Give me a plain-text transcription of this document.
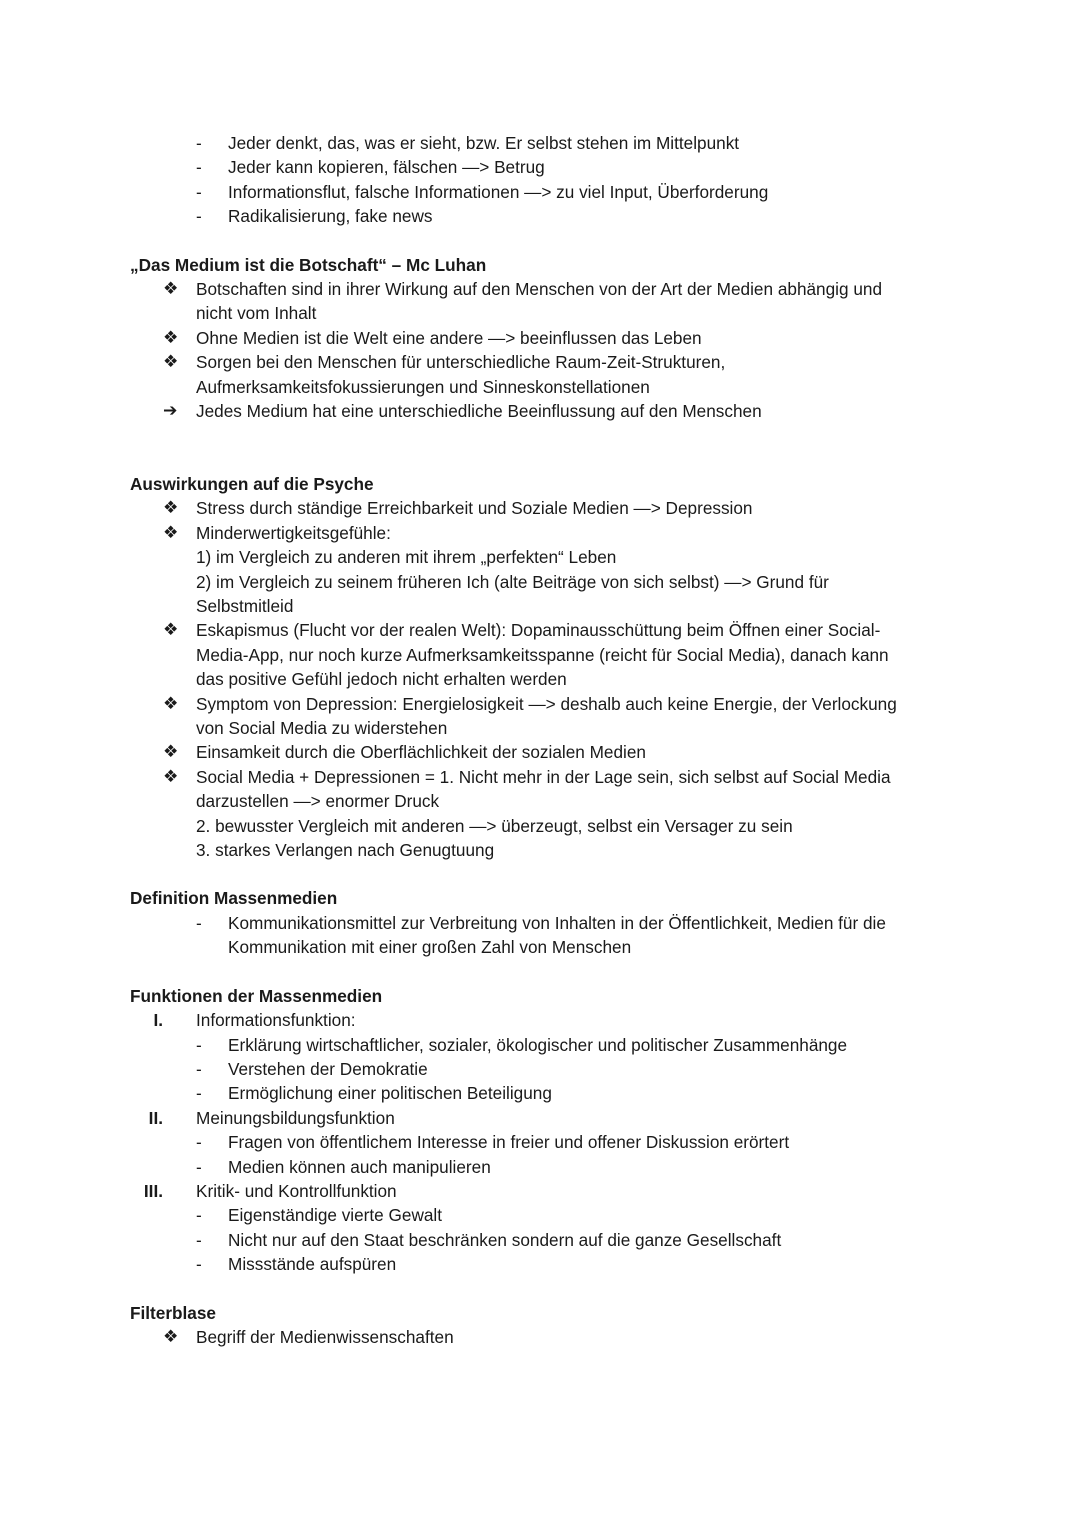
- Jeder denkt, das, was er sieht, bzw. Er selbst stehen im Mittelpunkt
- Jeder kann kopieren, fälschen —> Betrug
- Informationsflut, falsche Informationen —> zu viel Input, Überforderung
- Radikalisierung, fake news
„Das Medium ist die Botschaft“ – Mc Luhan
❖ Botschaften sind in ihrer Wirkung auf den Menschen von der Art der Medien abhängig und
nicht vom Inhalt
❖ Ohne Medien ist die Welt eine andere —> beeinflussen das Leben
❖ Sorgen bei den Menschen für unterschiedliche Raum-Zeit-Strukturen,
Aufmerksamkeitsfokussierungen und Sinneskonstellationen
➔ Jedes Medium hat eine unterschiedliche Beeinflussung auf den Menschen
Auswirkungen auf die Psyche
❖ Stress durch ständige Erreichbarkeit und Soziale Medien —> Depression
❖ Minderwertigkeitsgefühle:
1) im Vergleich zu anderen mit ihrem „perfekten“ Leben
2) im Vergleich zu seinem früheren Ich (alte Beiträge von sich selbst) —> Grund für
Selbstmitleid
❖ Eskapismus (Flucht vor der realen Welt): Dopaminausschüttung beim Öffnen einer Social-
Media-App, nur noch kurze Aufmerksamkeitsspanne (reicht für Social Media), danach kann
das positive Gefühl jedoch nicht erhalten werden
❖ Symptom von Depression: Energielosigkeit —> deshalb auch keine Energie, der Verlockung
von Social Media zu widerstehen
❖ Einsamkeit durch die Oberflächlichkeit der sozialen Medien
❖ Social Media + Depressionen = 1. Nicht mehr in der Lage sein, sich selbst auf Social Media
darzustellen —> enormer Druck
2. bewusster Vergleich mit anderen —> überzeugt, selbst ein Versager zu sein
3. starkes Verlangen nach Genugtuung
Definition Massenmedien
- Kommunikationsmittel zur Verbreitung von Inhalten in der Öffentlichkeit, Medien für die
Kommunikation mit einer großen Zahl von Menschen
Funktionen der Massenmedien
I. Informationsfunktion:
- Erklärung wirtschaftlicher, sozialer, ökologischer und politischer Zusammenhänge
- Verstehen der Demokratie
- Ermöglichung einer politischen Beteiligung
II. Meinungsbildungsfunktion
- Fragen von öffentlichem Interesse in freier und offener Diskussion erörtert
- Medien können auch manipulieren
III. Kritik- und Kontrollfunktion
- Eigenständige vierte Gewalt
- Nicht nur auf den Staat beschränken sondern auf die ganze Gesellschaft
- Missstände aufspüren
Filterblase
❖ Begriff der Medienwissenschaften
